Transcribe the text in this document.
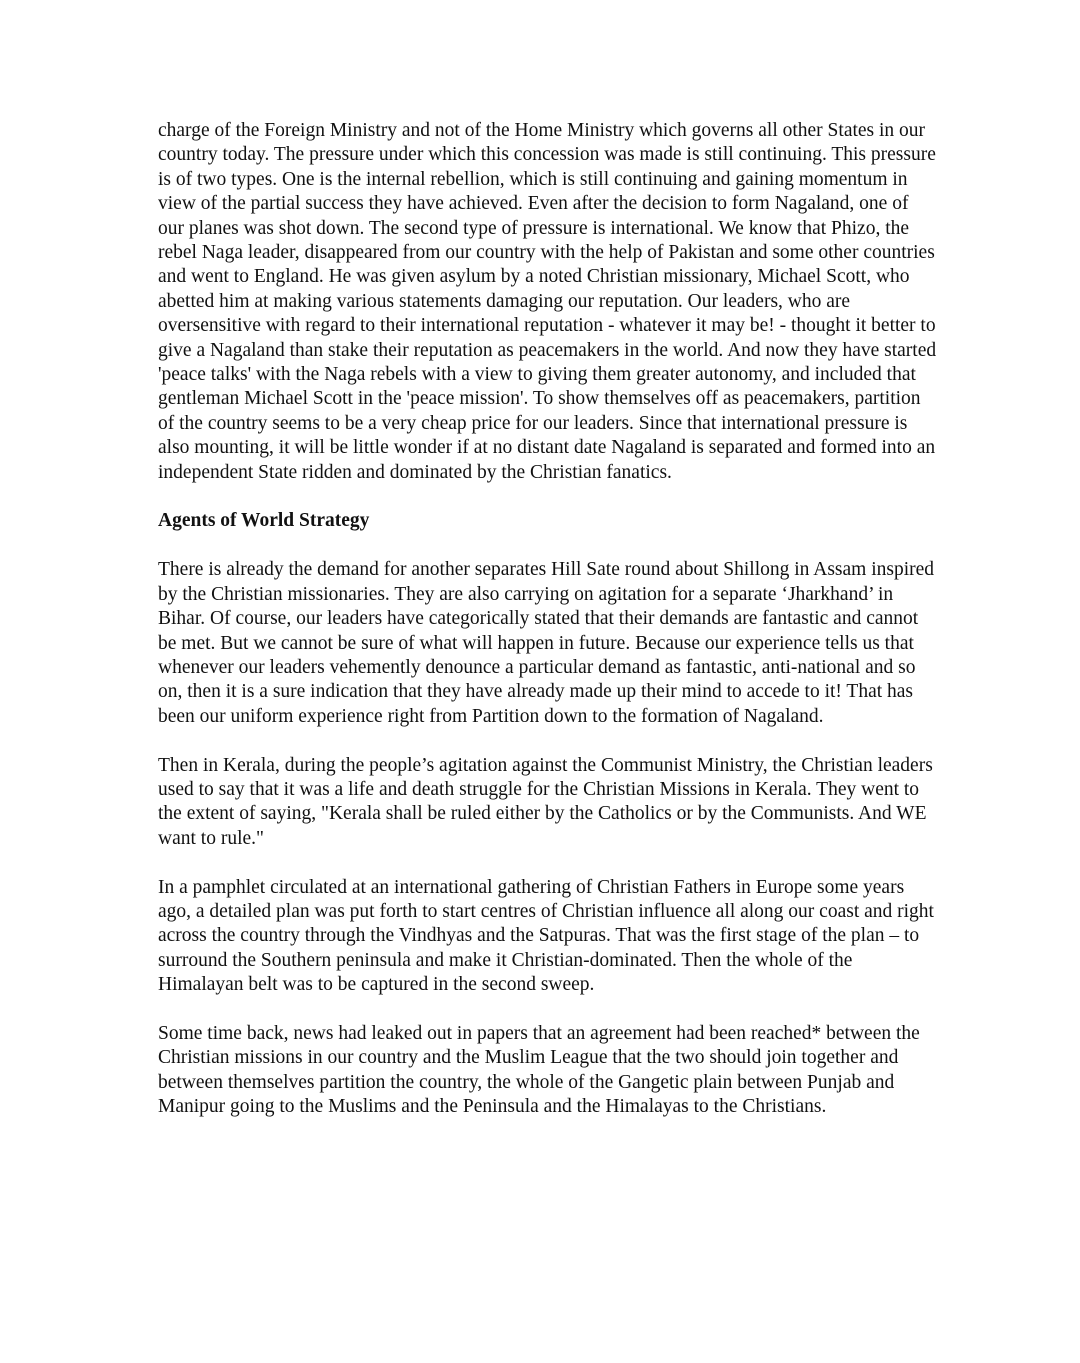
charge of the Foreign Ministry and not of the Home Ministry which governs all other States in our country today. The pressure under which this concession was made is still continuing. This pressure is of two types. One is the internal rebellion, which is still continuing and gaining momentum in view of the partial success they have achieved. Even after the decision to form Nagaland, one of our planes was shot down. The second type of pressure is international. We know that Phizo, the rebel Naga leader, disappeared from our country with the help of Pakistan and some other countries and went to England. He was given asylum by a noted Christian missionary, Michael Scott, who abetted him at making various statements damaging our reputation. Our leaders, who are oversensitive with regard to their international reputation - whatever it may be! - thought it better to give a Nagaland than stake their reputation as peacemakers in the world. And now they have started 'peace talks' with the Naga rebels with a view to giving them greater autonomy, and included that gentleman Michael Scott in the 'peace mission'. To show themselves off as peacemakers, partition of the country seems to be a very cheap price for our leaders. Since that international pressure is also mounting, it will be little wonder if at no distant date Nagaland is separated and formed into an independent State ridden and dominated by the Christian fanatics.

Agents of World Strategy

There is already the demand for another separates Hill Sate round about Shillong in Assam inspired by the Christian missionaries. They are also carrying on agitation for a separate ‘Jharkhand’ in Bihar. Of course, our leaders have categorically stated that their demands are fantastic and cannot be met. But we cannot be sure of what will happen in future. Because our experience tells us that whenever our leaders vehemently denounce a particular demand as fantastic, anti-national and so on, then it is a sure indication that they have already made up their mind to accede to it! That has been our uniform experience right from Partition down to the formation of Nagaland.

Then in Kerala, during the people’s agitation against the Communist Ministry, the Christian leaders used to say that it was a life and death struggle for the Christian Missions in Kerala. They went to the extent of saying, "Kerala shall be ruled either by the Catholics or by the Communists. And WE want to rule."

In a pamphlet circulated at an international gathering of Christian Fathers in Europe some years ago, a detailed plan was put forth to start centres of Christian influence all along our coast and right across the country through the Vindhyas and the Satpuras. That was the first stage of the plan – to surround the Southern peninsula and make it Christian-dominated. Then the whole of the Himalayan belt was to be captured in the second sweep.

Some time back, news had leaked out in papers that an agreement had been reached* between the Christian missions in our country and the Muslim League that the two should join together and between themselves partition the country, the whole of the Gangetic plain between Punjab and Manipur going to the Muslims and the Peninsula and the Himalayas to the Christians.
